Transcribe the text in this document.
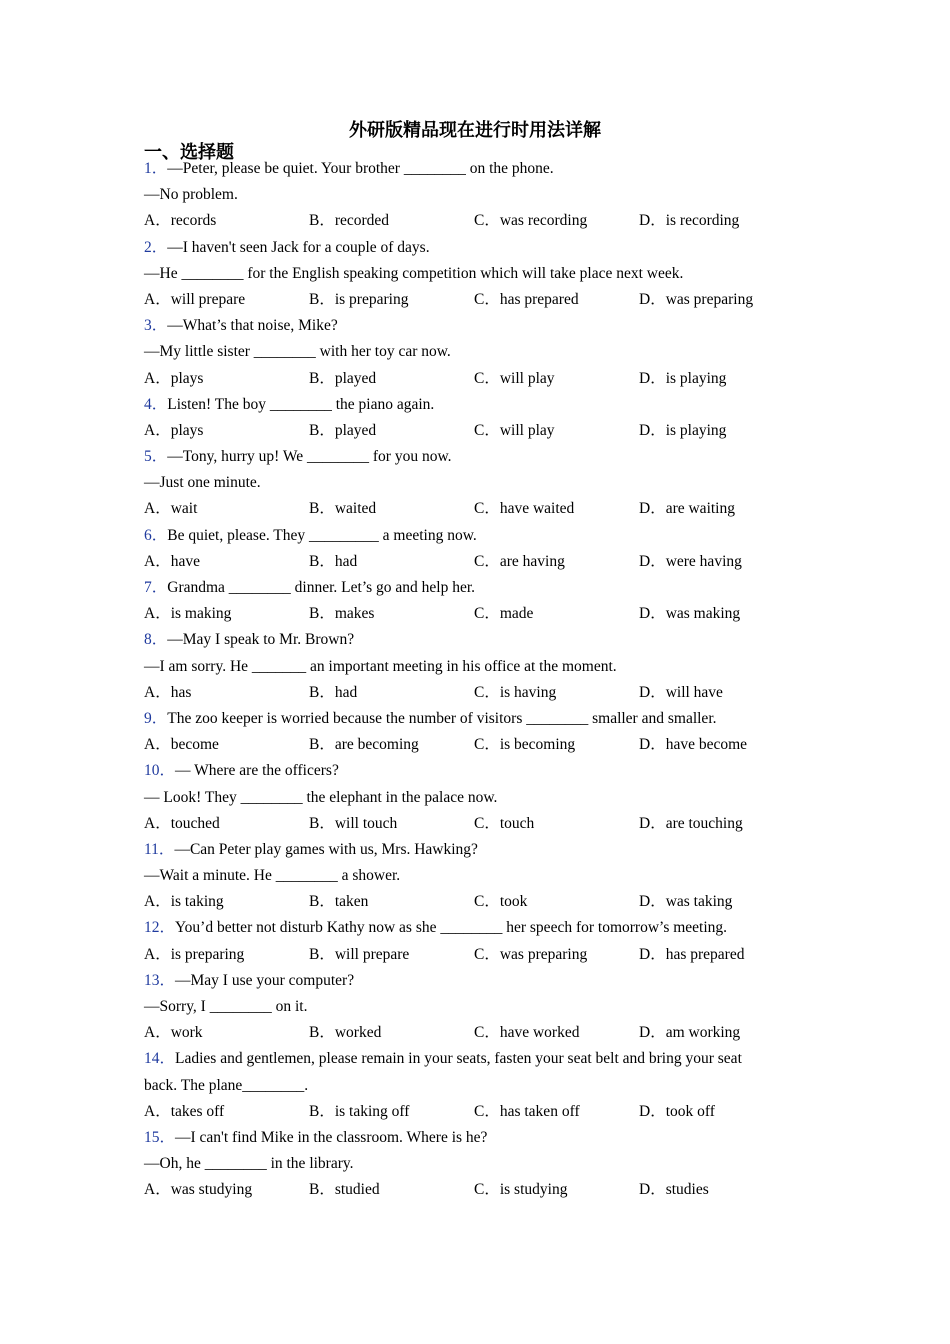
外研版精品现在进行时用法详解
一、选择题
1．—Peter, please be quiet. Your brother ________ on the phone.
—No problem.
A．records	B．recorded	C．was recording	D．is recording
2．—I haven't seen Jack for a couple of days.
—He ________ for the English speaking competition which will take place next week.
A．will prepare	B．is preparing	C．has prepared	D．was preparing
3．—What’s that noise, Mike?
—My little sister ________ with her toy car now.
A．plays	B．played	C．will play	D．is playing
4．Listen! The boy ________ the piano again.
A．plays	B．played	C．will play	D．is playing
5．—Tony, hurry up! We ________ for you now.
—Just one minute.
A．wait	B．waited	C．have waited	D．are waiting
6．Be quiet, please. They _________ a meeting now.
A．have	B．had	C．are having	D．were having
7．Grandma ________ dinner. Let’s go and help her.
A．is making	B．makes	C．made	D．was making
8．—May I speak to Mr. Brown?
—I am sorry. He _______ an important meeting in his office at the moment.
A．has	B．had	C．is having	D．will have
9．The zoo keeper is worried because the number of visitors ________ smaller and smaller.
A．become	B．are becoming	C．is becoming	D．have become
10．— Where are the officers?
— Look! They ________ the elephant in the palace now.
A．touched	B．will touch	C．touch	D．are touching
11．—Can Peter play games with us, Mrs. Hawking?
—Wait a minute. He ________ a shower.
A．is taking	B．taken	C．took	D．was taking
12．You’d better not disturb Kathy now as she ________ her speech for tomorrow’s meeting.
A．is preparing	B．will prepare	C．was preparing	D．has prepared
13．—May I use your computer?
—Sorry, I ________ on it.
A．work	B．worked	C．have worked	D．am working
14．Ladies and gentlemen, please remain in your seats, fasten your seat belt and bring your seat
back. The plane________.
A．takes off	B．is taking off	C．has taken off	D．took off
15．—I can't find Mike in the classroom. Where is he?
—Oh, he ________ in the library.
A．was studying	B．studied	C．is studying	D．studies
